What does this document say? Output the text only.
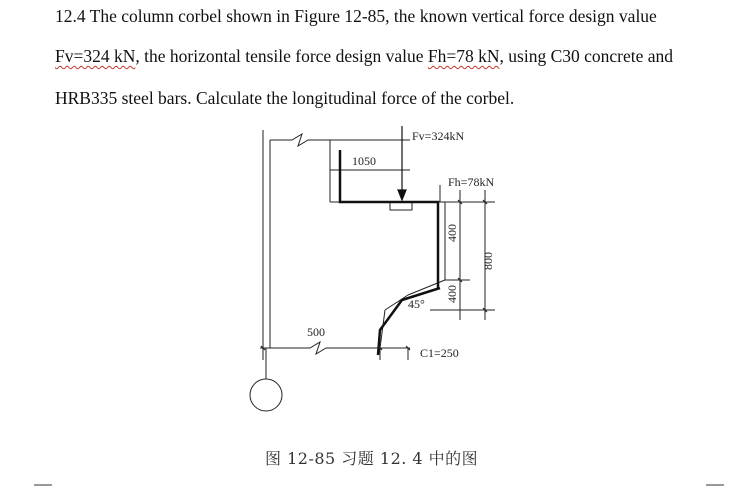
12.4 The column corbel shown in Figure 12-85, the known vertical force design value
Fv=324 kN, the horizontal tensile force design value Fh=78 kN, using C30 concrete and
HRB335 steel bars. Calculate the longitudinal force of the corbel.
Fv=324kN
Fh=78kN
1050
400
400
800
45°
500
C1=250
图 12-85 习题 12. 4 中的图
